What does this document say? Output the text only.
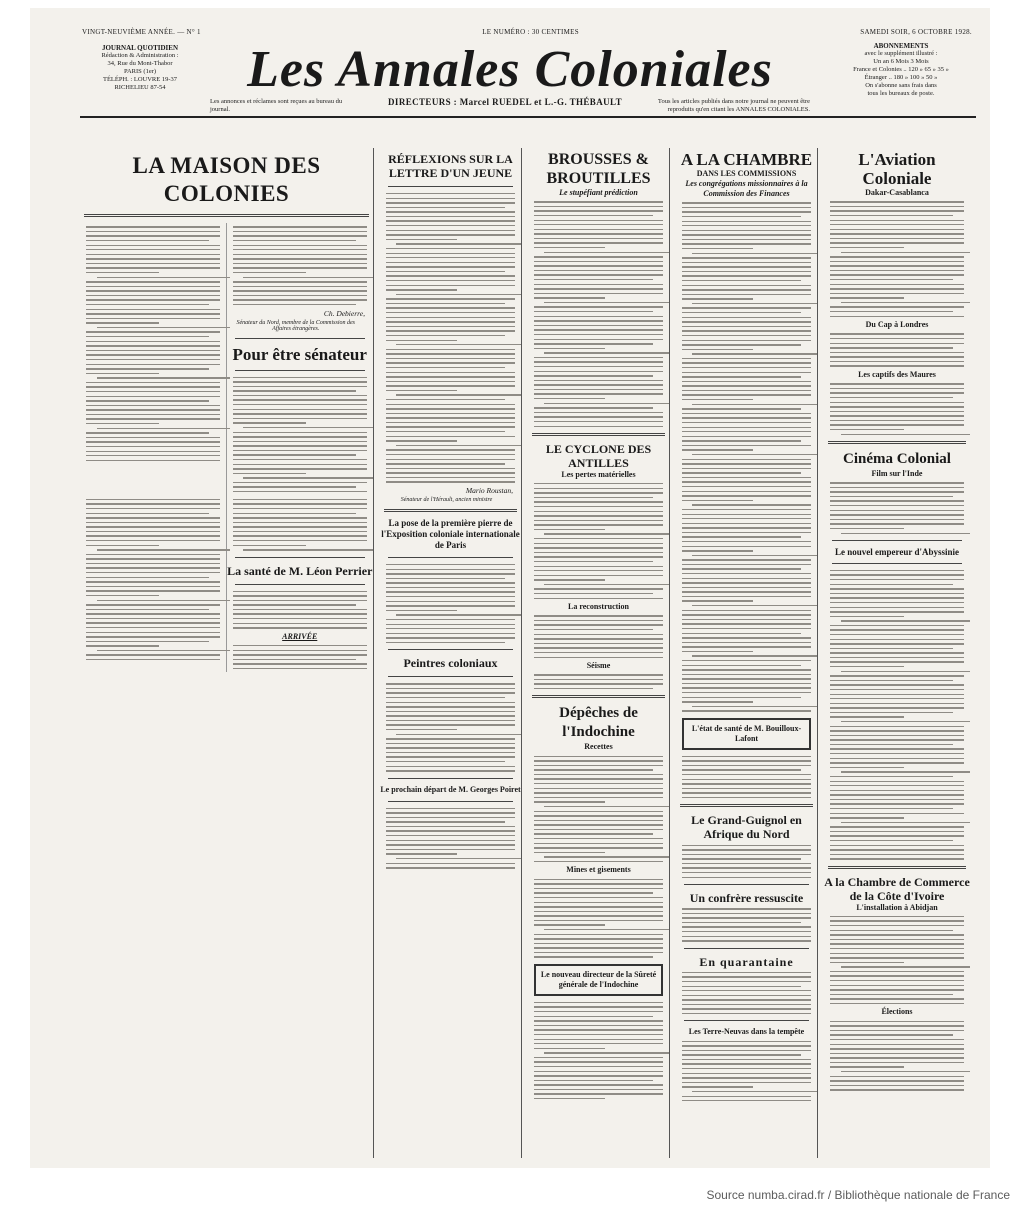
VINGT-NEUVIÈME ANNÉE. — N° 1	LE NUMÉRO : 30 CENTIMES	SAMEDI SOIR, 6 OCTOBRE 1928.
JOURNAL QUOTIDIEN
Rédaction & Administration :
34, Rue du Mont-Thabor
PARIS (1er)
TÉLÉPH. : LOUVRE 19-37
RICHELIEU 87-54	Les Annales Coloniales
Les annonces et réclames sont reçues au bureau du journal.
DIRECTEURS : Marcel RUEDEL et L.-G. THÉBAULT	Tous les articles publiés dans notre journal ne peuvent être reproduits qu'en citant les ANNALES COLONIALES.
ABONNEMENTS
avec le supplément illustré :
Un an 6 Mois 3 Mois
France et Colonies .. 120 » 65 » 35 »
Étranger .. 180 » 100 » 50 »
On s'abonne sans frais dans
tous les bureaux de poste.
LA MAISON DES COLONIES
Ch. Debierre,
Sénateur du Nord, membre de la Commission des Affaires étrangères.
Pour être sénateur
La santé de M. Léon Perrier
ARRIVÉE
RÉFLEXIONS SUR LA LETTRE D'UN JEUNE
Mario Roustan,
Sénateur de l'Hérault, ancien ministre
La pose de la première pierre de l'Exposition coloniale internationale de Paris
Peintres coloniaux
Le prochain départ de M. Georges Poiret
BROUSSES & BROUTILLES
Le stupéfiant prédiction
LE CYCLONE DES ANTILLES
Les pertes matérielles
La reconstruction
Séisme
Dépêches de l'Indochine
Recettes
Mines et gisements
Le nouveau directeur de la Sûreté générale de l'Indochine
A LA CHAMBRE
DANS LES COMMISSIONS
Les congrégations missionnaires à la Commission des Finances
L'état de santé de M. Bouilloux-Lafont
Le Grand-Guignol en Afrique du Nord
Un confrère ressuscite
En quarantaine
Les Terre-Neuvas dans la tempête
L'Aviation Coloniale
Dakar-Casablanca
Du Cap à Londres
Les captifs des Maures
Cinéma Colonial
Film sur l'Inde
Le nouvel empereur d'Abyssinie
A la Chambre de Commerce de la Côte d'Ivoire
L'installation à Abidjan
Élections
Source numba.cirad.fr / Bibliothèque nationale de France
